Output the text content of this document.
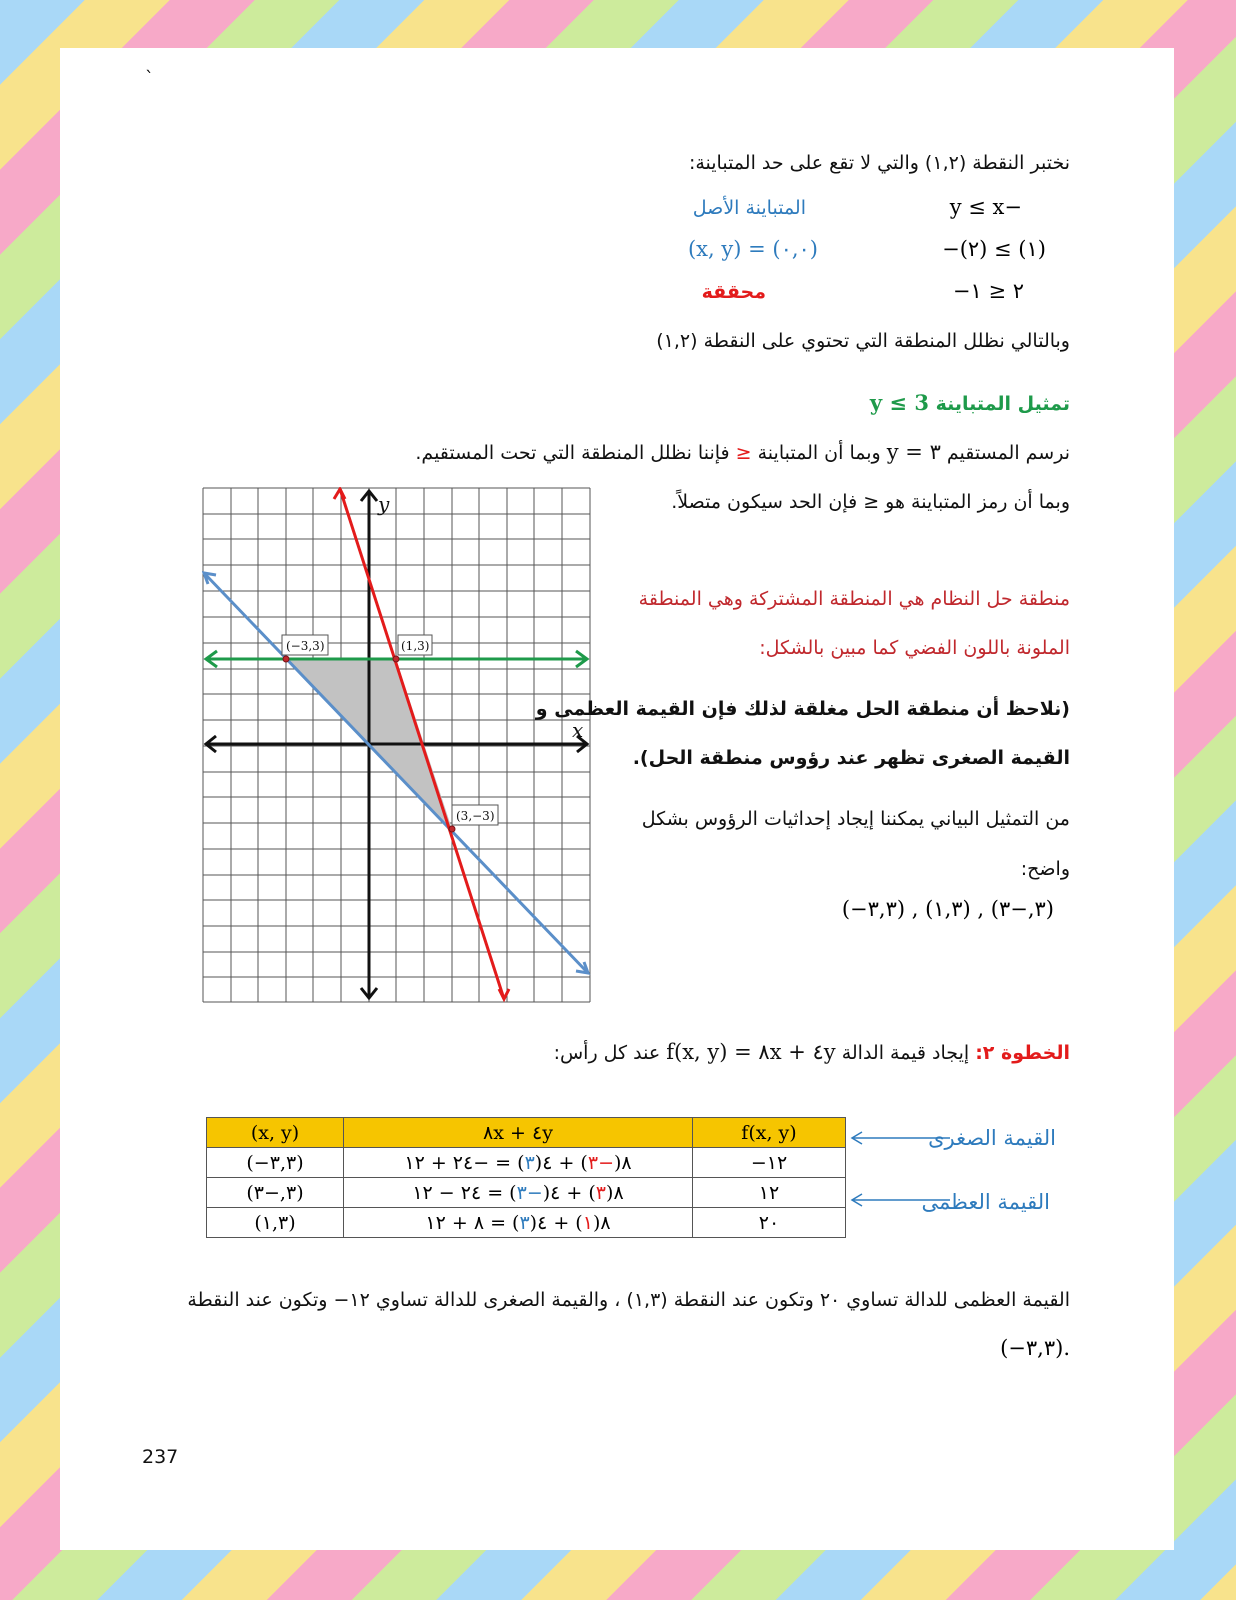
`
نختبر النقطة (١,٢) والتي لا تقع على حد المتباينة:
−y ≤ x
المتباينة الأصل
−(٢) ≤ (١)
(x, y) = (٠,٠)
−٢ ≤ ١
محققة
وبالتالي نظلل المنطقة التي تحتوي على النقطة (١,٢)
تمثيل المتباينة y ≤ 3
نرسم المستقيم y = ٣ وبما أن المتباينة ≤ فإننا نظلل المنطقة التي تحت المستقيم.
وبما أن رمز المتباينة هو ≤ فإن الحد سيكون متصلاً.
x
y
(−3,3)	(1,3)
(3,−3)
منطقة حل النظام هي المنطقة المشتركة وهي المنطقة
الملونة باللون الفضي كما مبين بالشكل:
(نلاحظ أن منطقة الحل مغلقة لذلك فإن القيمة العظمى و
القيمة الصغرى تظهر عند رؤوس منطقة الحل).
من التمثيل البياني يمكننا إيجاد إحداثيات الرؤوس بشكل
واضح:
(−٣,٣) , (١,٣) , (٣,−٣)
الخطوة ٢: إيجاد قيمة الدالة f(x, y) = ٨x + ٤y عند كل رأس:
(x, y)	٨x + ٤y	f(x, y)
(−٣,٣)	٨(−٣) + ٤(٣) = −٢٤ + ١٢	−١٢
(٣,−٣)	٨(٣) + ٤(−٣) = ٢٤ − ١٢	١٢
(١,٣)	٨(١) + ٤(٣) = ٨ + ١٢	٢٠
القيمة الصغرى
القيمة العظمى
القيمة العظمى للدالة تساوي ٢٠ وتكون عند النقطة (١,٣) ، والقيمة الصغرى للدالة تساوي ١٢− وتكون عند النقطة
(−٣,٣).
237
